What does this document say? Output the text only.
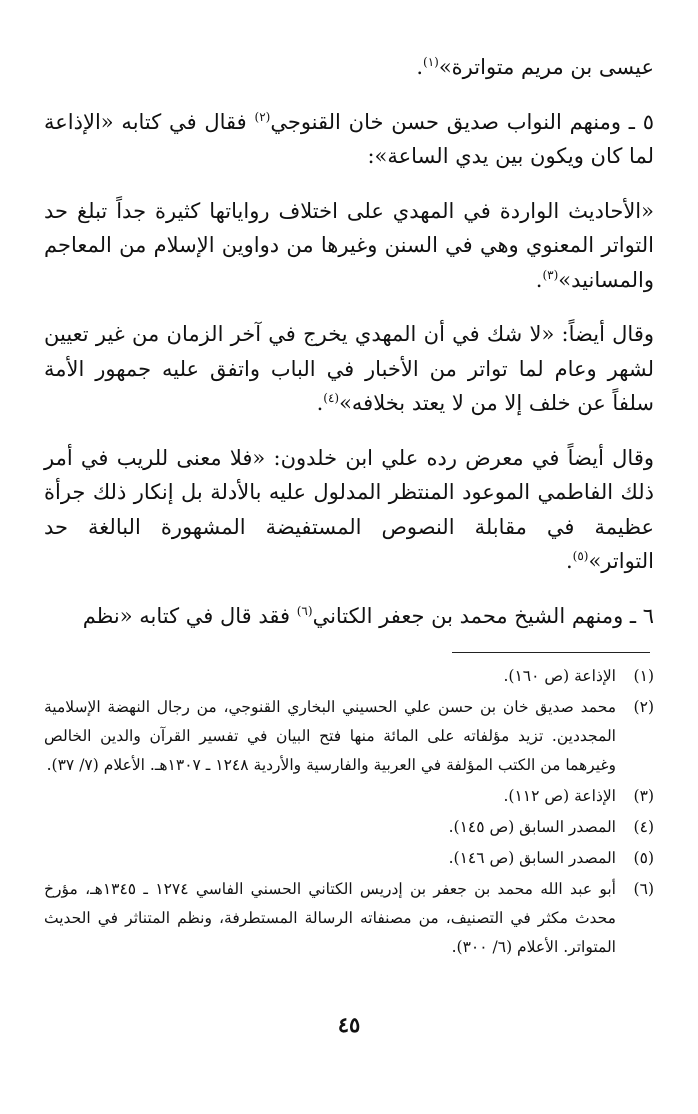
عيسى بن مريم متواترة»$^{(١)}$.

٥ ـ ومنهم النواب صديق حسن خان القنوجي$^{(٢)}$ فقال في كتابه «الإذاعة لما كان ويكون بين يدي الساعة»:

«الأحاديث الواردة في المهدي على اختلاف رواياتها كثيرة جداً تبلغ حد التواتر المعنوي وهي في السنن وغيرها من دواوين الإسلام من المعاجم والمسانيد»$^{(٣)}$.

وقال أيضاً: «لا شك في أن المهدي يخرج في آخر الزمان من غير تعيين لشهر وعام لما تواتر من الأخبار في الباب واتفق عليه جمهور الأمة سلفاً عن خلف إلا من لا يعتد بخلافه»$^{(٤)}$.

وقال أيضاً في معرض رده علي ابن خلدون: «فلا معنى للريب في أمر ذلك الفاطمي الموعود المنتظر المدلول عليه بالأدلة بل إنكار ذلك جرأة عظيمة في مقابلة النصوص المستفيضة المشهورة البالغة حد التواتر»$^{(٥)}$.

٦ ـ ومنهم الشيخ محمد بن جعفر الكتاني$^{(٦)}$ فقد قال في كتابه «نظم

(١)
الإذاعة (ص ١٦٠).
(٢)
محمد صديق خان بن حسن علي الحسيني البخاري القنوجي، من رجال النهضة الإسلامية المجددين. تزيد مؤلفاته على المائة منها فتح البيان في تفسير القرآن والدين الخالص وغيرهما من الكتب المؤلفة في العربية والفارسية والأردية ١٢٤٨ ـ ١٣٠٧هـ. الأعلام (٧/ ٣٧).
(٣)
الإذاعة (ص ١١٢).
(٤)
المصدر السابق (ص ١٤٥).
(٥)
المصدر السابق (ص ١٤٦).
(٦)
أبو عبد الله محمد بن جعفر بن إدريس الكتاني الحسني الفاسي ١٢٧٤ ـ ١٣٤٥هـ، مؤرخ محدث مكثر في التصنيف، من مصنفاته الرسالة المستطرفة، ونظم المتناثر في الحديث المتواتر. الأعلام (٦/ ٣٠٠).
٤٥
